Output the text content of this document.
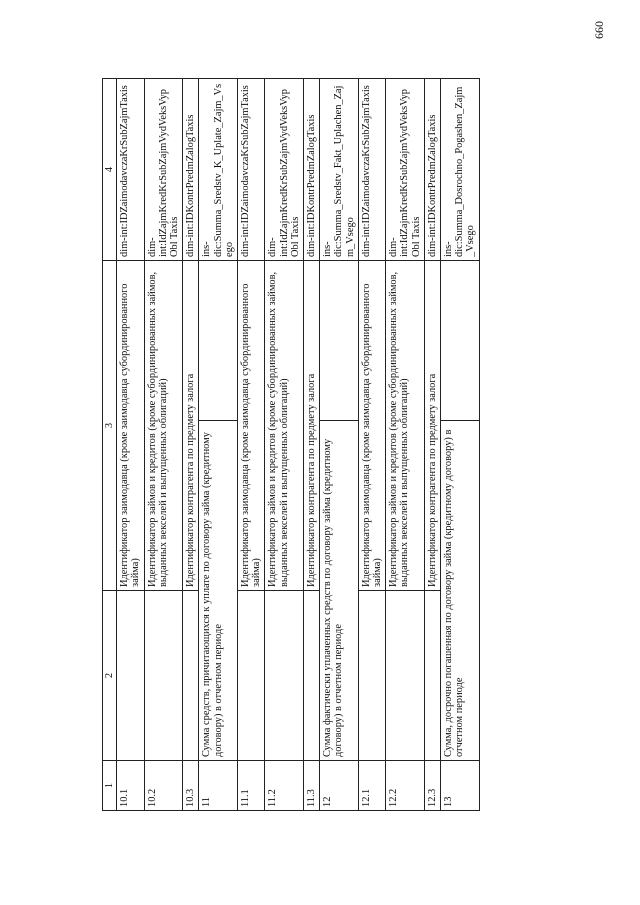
1	2	3		4
10.1		Идентификатор заимодавца (кроме заимодавца субординированного займа)		dim-int:IDZaimodavczaKrSubZajmTaxis
10.2		Идентификатор займов и кредитов (кроме субординированных займов, выданных векселей и выпущенных облигаций)		dim-int:IdZajmKredKrSubZajmVydVeksVypObl Taxis
10.3		Идентификатор контрагента по предмету залога		dim-int:IDKontrPredmZalogTaxis
11	Сумма средств, причитающихся к уплате по договору займа (кредитному договору) в отчетном периоде			ins-dic:Summa_Sredstv_K_Uplate_Zajm_Vsego
11.1		Идентификатор заимодавца (кроме заимодавца субординированного займа)		dim-int:IDZaimodavczaKrSubZajmTaxis
11.2		Идентификатор займов и кредитов (кроме субординированных займов, выданных векселей и выпущенных облигаций)		dim-int:IdZajmKredKrSubZajmVydVeksVypObl Taxis
11.3		Идентификатор контрагента по предмету залога		dim-int:IDKontrPredmZalogTaxis
12	Сумма фактически уплаченных средств по договору займа (кредитному договору) в отчетном периоде			ins-dic:Summa_Sredstv_Fakt_Uplachen_Zajm_Vsego
12.1		Идентификатор заимодавца (кроме заимодавца субординированного займа)		dim-int:IDZaimodavczaKrSubZajmTaxis
12.2		Идентификатор займов и кредитов (кроме субординированных займов, выданных векселей и выпущенных облигаций)		dim-int:IdZajmKredKrSubZajmVydVeksVypObl Taxis
12.3		Идентификатор контрагента по предмету залога		dim-int:IDKontrPredmZalogTaxis
13	Сумма, досрочно погашенная по договору займа (кредитному договору) в отчетном периоде			ins-dic:Summa_Dosrochno_Pogashen_Zajm_Vsego
660
